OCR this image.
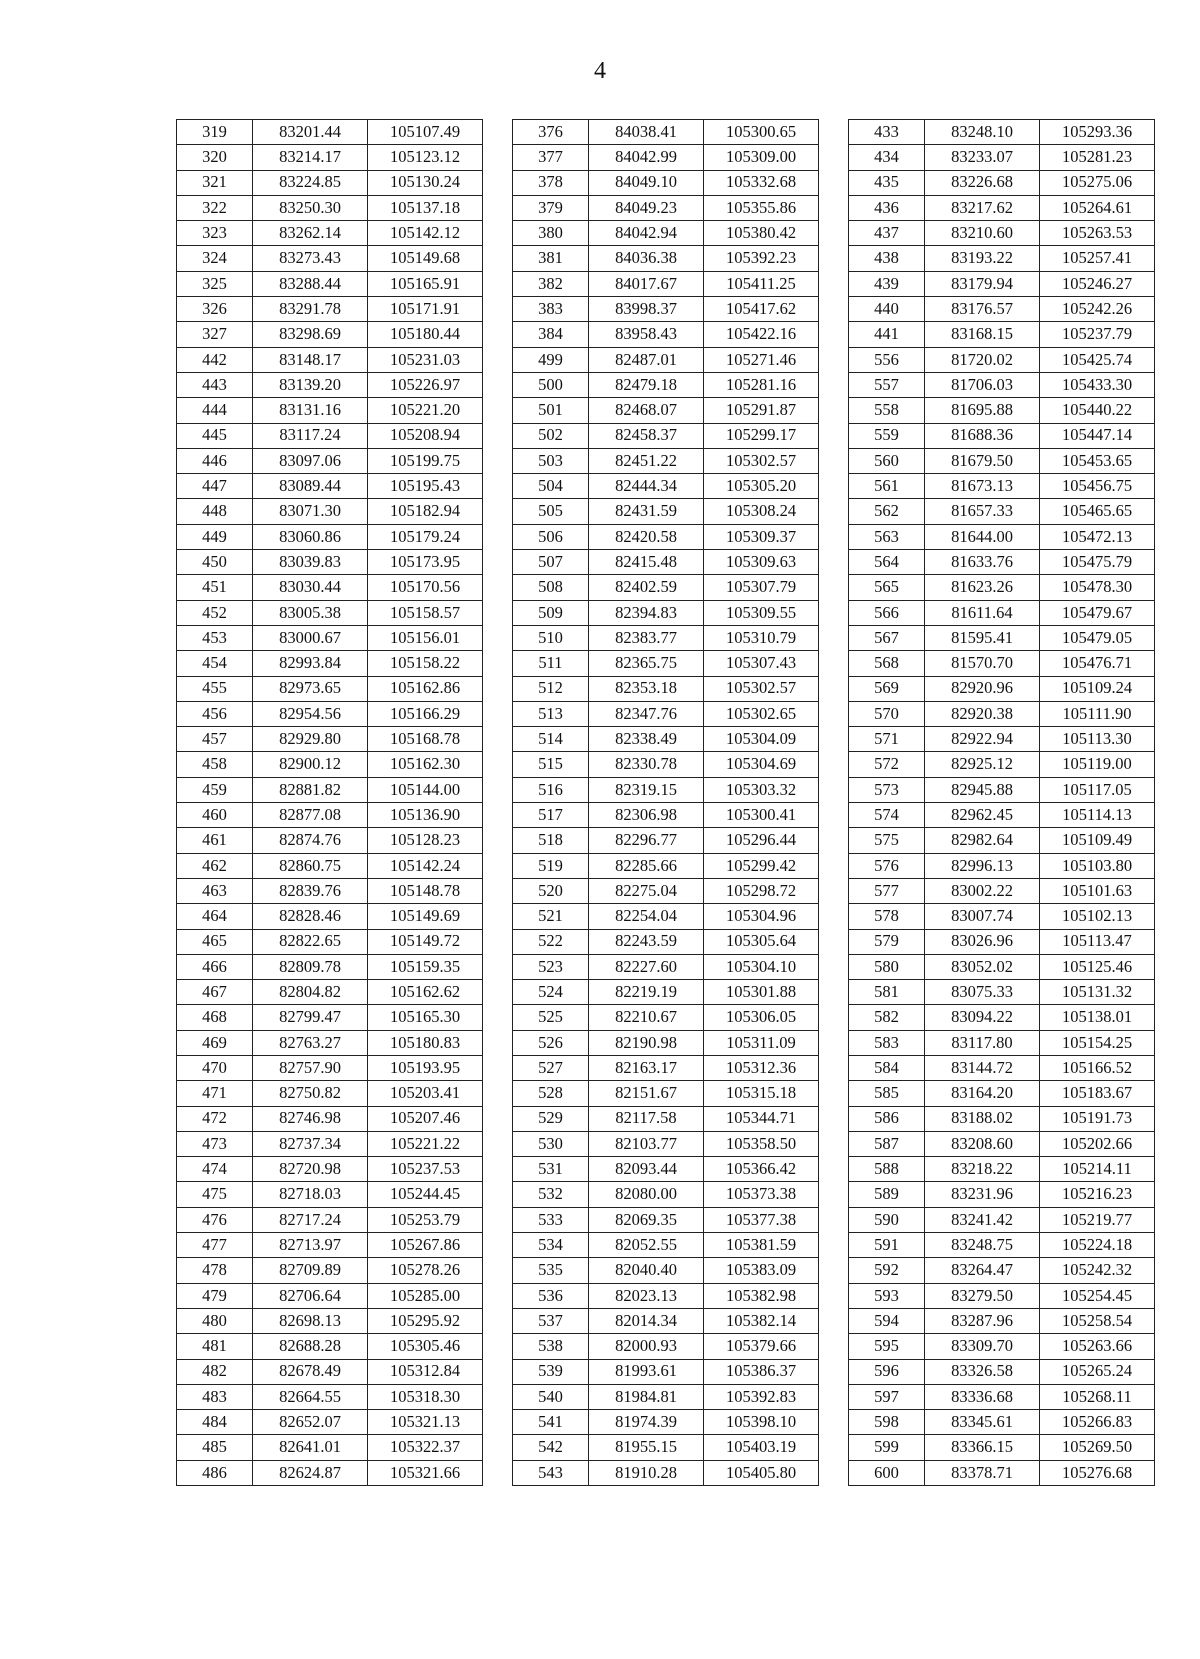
4
319	83201.44	105107.49
320	83214.17	105123.12
321	83224.85	105130.24
322	83250.30	105137.18
323	83262.14	105142.12
324	83273.43	105149.68
325	83288.44	105165.91
326	83291.78	105171.91
327	83298.69	105180.44
442	83148.17	105231.03
443	83139.20	105226.97
444	83131.16	105221.20
445	83117.24	105208.94
446	83097.06	105199.75
447	83089.44	105195.43
448	83071.30	105182.94
449	83060.86	105179.24
450	83039.83	105173.95
451	83030.44	105170.56
452	83005.38	105158.57
453	83000.67	105156.01
454	82993.84	105158.22
455	82973.65	105162.86
456	82954.56	105166.29
457	82929.80	105168.78
458	82900.12	105162.30
459	82881.82	105144.00
460	82877.08	105136.90
461	82874.76	105128.23
462	82860.75	105142.24
463	82839.76	105148.78
464	82828.46	105149.69
465	82822.65	105149.72
466	82809.78	105159.35
467	82804.82	105162.62
468	82799.47	105165.30
469	82763.27	105180.83
470	82757.90	105193.95
471	82750.82	105203.41
472	82746.98	105207.46
473	82737.34	105221.22
474	82720.98	105237.53
475	82718.03	105244.45
476	82717.24	105253.79
477	82713.97	105267.86
478	82709.89	105278.26
479	82706.64	105285.00
480	82698.13	105295.92
481	82688.28	105305.46
482	82678.49	105312.84
483	82664.55	105318.30
484	82652.07	105321.13
485	82641.01	105322.37
486	82624.87	105321.66
376	84038.41	105300.65
377	84042.99	105309.00
378	84049.10	105332.68
379	84049.23	105355.86
380	84042.94	105380.42
381	84036.38	105392.23
382	84017.67	105411.25
383	83998.37	105417.62
384	83958.43	105422.16
499	82487.01	105271.46
500	82479.18	105281.16
501	82468.07	105291.87
502	82458.37	105299.17
503	82451.22	105302.57
504	82444.34	105305.20
505	82431.59	105308.24
506	82420.58	105309.37
507	82415.48	105309.63
508	82402.59	105307.79
509	82394.83	105309.55
510	82383.77	105310.79
511	82365.75	105307.43
512	82353.18	105302.57
513	82347.76	105302.65
514	82338.49	105304.09
515	82330.78	105304.69
516	82319.15	105303.32
517	82306.98	105300.41
518	82296.77	105296.44
519	82285.66	105299.42
520	82275.04	105298.72
521	82254.04	105304.96
522	82243.59	105305.64
523	82227.60	105304.10
524	82219.19	105301.88
525	82210.67	105306.05
526	82190.98	105311.09
527	82163.17	105312.36
528	82151.67	105315.18
529	82117.58	105344.71
530	82103.77	105358.50
531	82093.44	105366.42
532	82080.00	105373.38
533	82069.35	105377.38
534	82052.55	105381.59
535	82040.40	105383.09
536	82023.13	105382.98
537	82014.34	105382.14
538	82000.93	105379.66
539	81993.61	105386.37
540	81984.81	105392.83
541	81974.39	105398.10
542	81955.15	105403.19
543	81910.28	105405.80
433	83248.10	105293.36
434	83233.07	105281.23
435	83226.68	105275.06
436	83217.62	105264.61
437	83210.60	105263.53
438	83193.22	105257.41
439	83179.94	105246.27
440	83176.57	105242.26
441	83168.15	105237.79
556	81720.02	105425.74
557	81706.03	105433.30
558	81695.88	105440.22
559	81688.36	105447.14
560	81679.50	105453.65
561	81673.13	105456.75
562	81657.33	105465.65
563	81644.00	105472.13
564	81633.76	105475.79
565	81623.26	105478.30
566	81611.64	105479.67
567	81595.41	105479.05
568	81570.70	105476.71
569	82920.96	105109.24
570	82920.38	105111.90
571	82922.94	105113.30
572	82925.12	105119.00
573	82945.88	105117.05
574	82962.45	105114.13
575	82982.64	105109.49
576	82996.13	105103.80
577	83002.22	105101.63
578	83007.74	105102.13
579	83026.96	105113.47
580	83052.02	105125.46
581	83075.33	105131.32
582	83094.22	105138.01
583	83117.80	105154.25
584	83144.72	105166.52
585	83164.20	105183.67
586	83188.02	105191.73
587	83208.60	105202.66
588	83218.22	105214.11
589	83231.96	105216.23
590	83241.42	105219.77
591	83248.75	105224.18
592	83264.47	105242.32
593	83279.50	105254.45
594	83287.96	105258.54
595	83309.70	105263.66
596	83326.58	105265.24
597	83336.68	105268.11
598	83345.61	105266.83
599	83366.15	105269.50
600	83378.71	105276.68
